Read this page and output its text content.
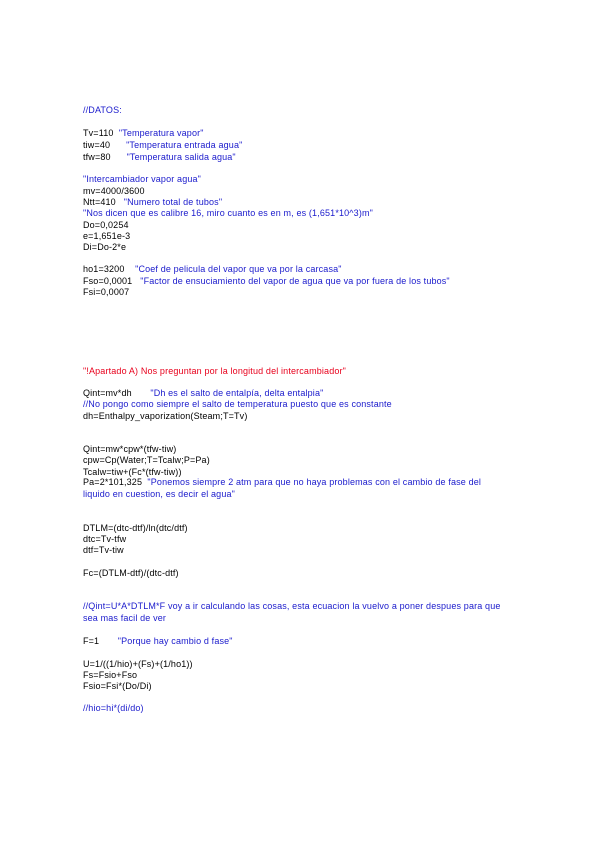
//DATOS:
Tv=110 "Temperatura vapor"
tiw=40 "Temperatura entrada agua"
tfw=80 "Temperatura salida agua"
"Intercambiador vapor agua"
mv=4000/3600
Ntt=410 "Numero total de tubos"
"Nos dicen que es calibre 16, miro cuanto es en m, es (1,651*10^3)m"
Do=0,0254
e=1,651e-3
Di=Do-2*e
ho1=3200 "Coef de pelicula del vapor que va por la carcasa"
Fso=0,0001 "Factor de ensuciamiento del vapor de agua que va por fuera de los tubos"
Fsi=0,0007
"!Apartado A) Nos preguntan por la longitud del intercambiador"
Qint=mv*dh "Dh es el salto de entalpía, delta entalpia"
//No pongo como siempre el salto de temperatura puesto que es constante
dh=Enthalpy_vaporization(Steam;T=Tv)
Qint=mw*cpw*(tfw-tiw)
cpw=Cp(Water;T=Tcalw;P=Pa)
Tcalw=tiw+(Fc*(tfw-tiw))
Pa=2*101,325 "Ponemos siempre 2 atm para que no haya problemas con el cambio de fase del liquido en cuestion, es decir el agua"
DTLM=(dtc-dtf)/ln(dtc/dtf)
dtc=Tv-tfw
dtf=Tv-tiw
Fc=(DTLM-dtf)/(dtc-dtf)
//Qint=U*A*DTLM*F voy a ir calculando las cosas, esta ecuacion la vuelvo a poner despues para que sea mas facil de ver
F=1 "Porque hay cambio d fase"
U=1/((1/hio)+(Fs)+(1/ho1))
Fs=Fsio+Fso
Fsio=Fsi*(Do/Di)
//hio=hi*(di/do)
